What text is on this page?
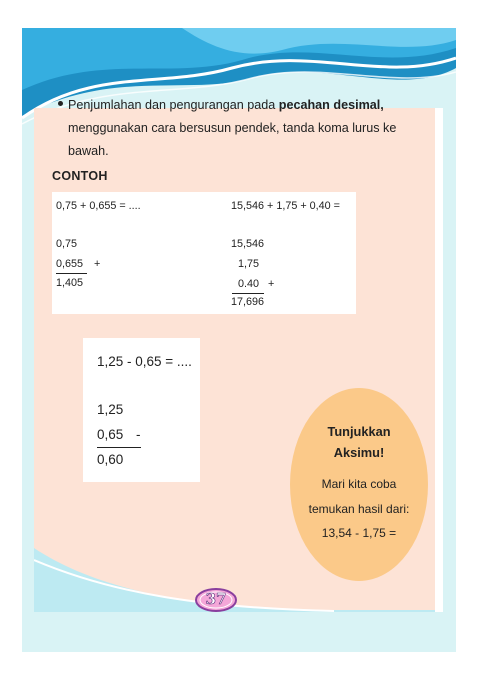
Penjumlahan dan pengurangan pada pecahan desimal, menggunakan cara bersusun pendek, tanda koma lurus ke bawah.
CONTOH
0,75 + 0,655 = ....
0,75
0,655 +
1,405
15,546 + 1,75 + 0,40 =
15,546
1,75
0.40 +
17,696
1,25 - 0,65 = ....
1,25
0,65 -
0,60
Tunjukkan
Aksimu!
Mari kita coba
temukan hasil dari:
13,54 - 1,75 =
37
